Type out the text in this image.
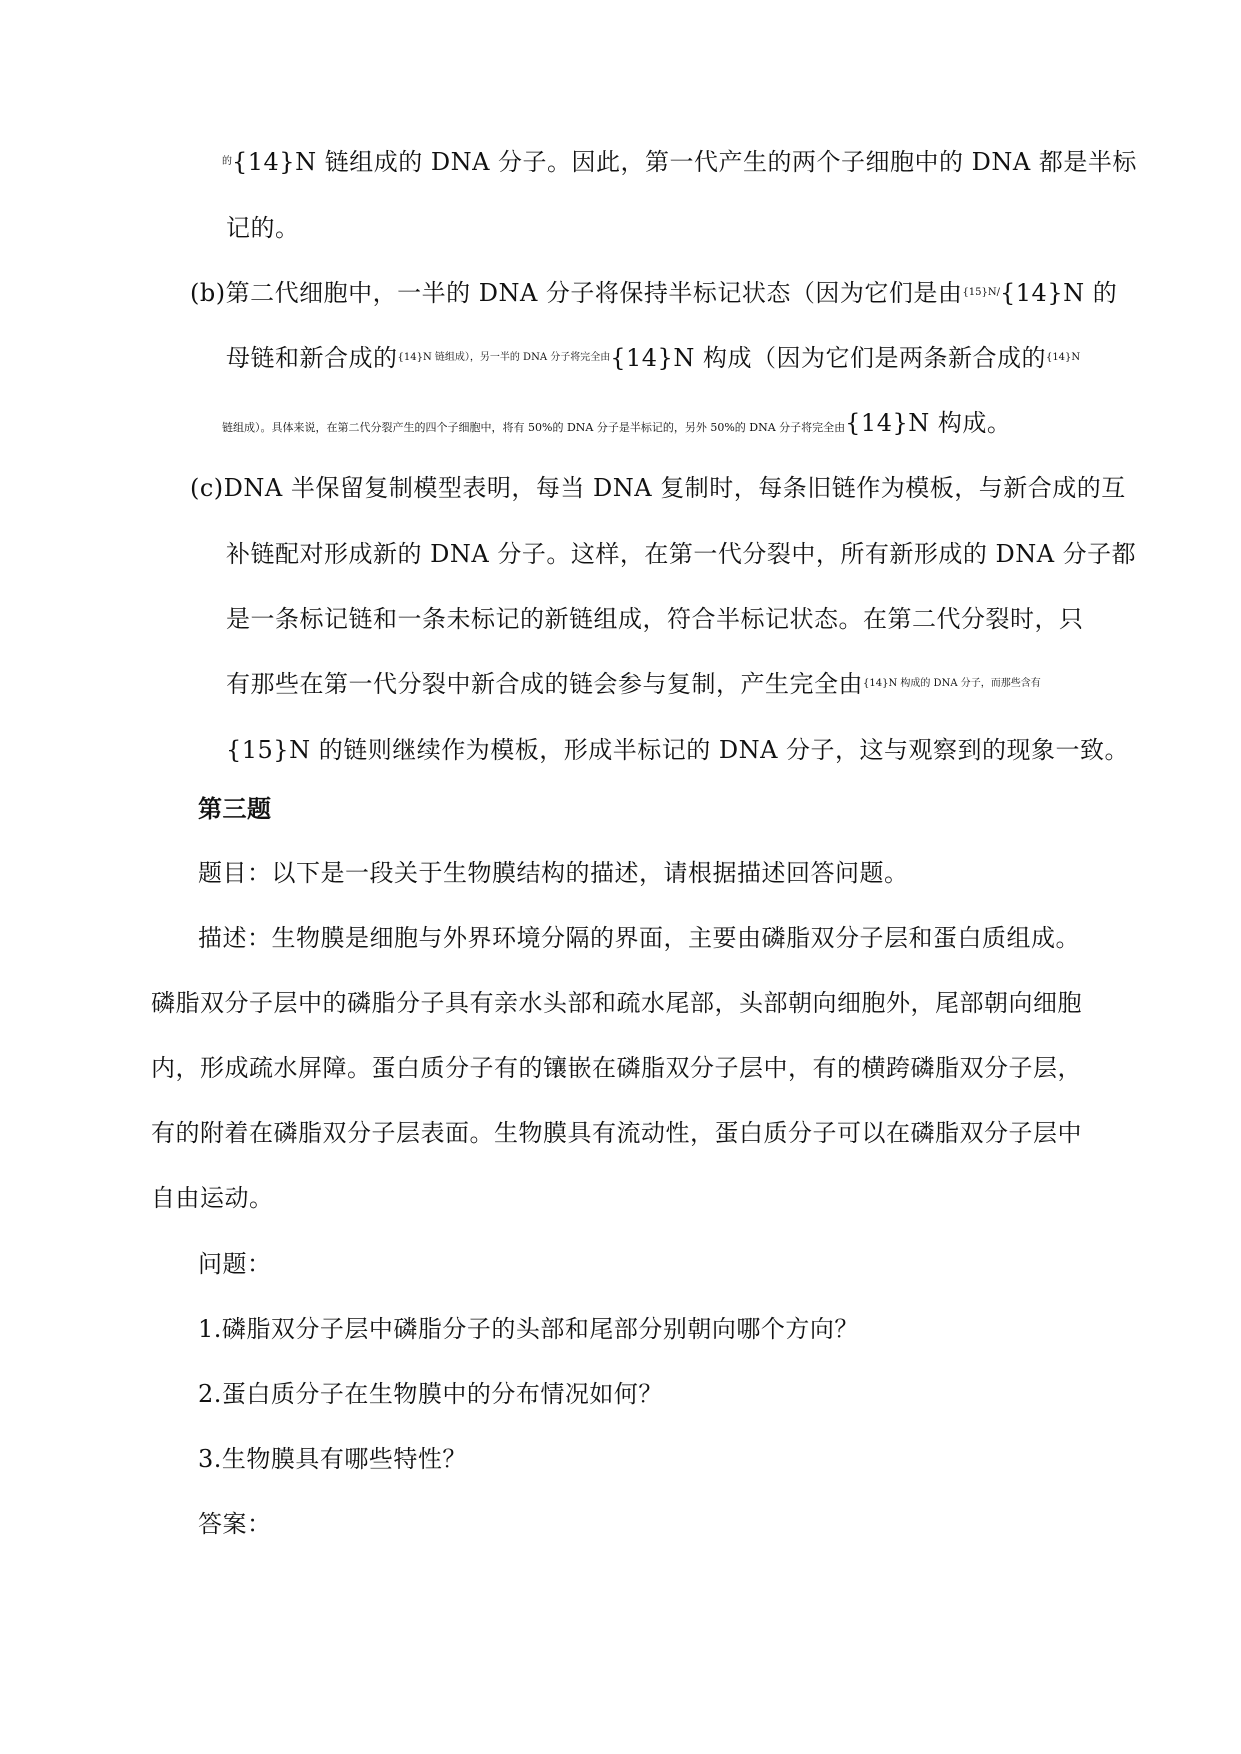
$^的${14}N 链组成的 DNA 分子。因此，第一代产生的两个子细胞中的 DNA 都是半标
记的。
(b)第二代细胞中，一半的 DNA 分子将保持半标记状态（因为它们是由$^{\{15\}N/}${14}N 的
母链和新合成的$^{\{14\}N 链组成),另一半的 DNA 分子将完全由}${14}N 构成（因为它们是两条新合成的$^{\{14\}N}$
链组成）。具体来说，在第二代分裂产生的四个子细胞中，将有 50%的 DNA 分子是半标记的，另外 50%的 DNA 分子将完全由{14}N 构成。
(c)DNA 半保留复制模型表明，每当 DNA 复制时，每条旧链作为模板，与新合成的互
补链配对形成新的 DNA 分子。这样，在第一代分裂中，所有新形成的 DNA 分子都
是一条标记链和一条未标记的新链组成，符合半标记状态。在第二代分裂时，只
有那些在第一代分裂中新合成的链会参与复制，产生完全由$^{\{14\}N 构成的 DNA 分子,而那些含有}$
{15}N 的链则继续作为模板，形成半标记的 DNA 分子，这与观察到的现象一致。
第三题
题目：以下是一段关于生物膜结构的描述，请根据描述回答问题。
描述：生物膜是细胞与外界环境分隔的界面，主要由磷脂双分子层和蛋白质组成。
磷脂双分子层中的磷脂分子具有亲水头部和疏水尾部，头部朝向细胞外，尾部朝向细胞
内，形成疏水屏障。蛋白质分子有的镶嵌在磷脂双分子层中，有的横跨磷脂双分子层，
有的附着在磷脂双分子层表面。生物膜具有流动性，蛋白质分子可以在磷脂双分子层中
自由运动。
问题：
1.磷脂双分子层中磷脂分子的头部和尾部分别朝向哪个方向？
2.蛋白质分子在生物膜中的分布情况如何？
3.生物膜具有哪些特性？
答案：
